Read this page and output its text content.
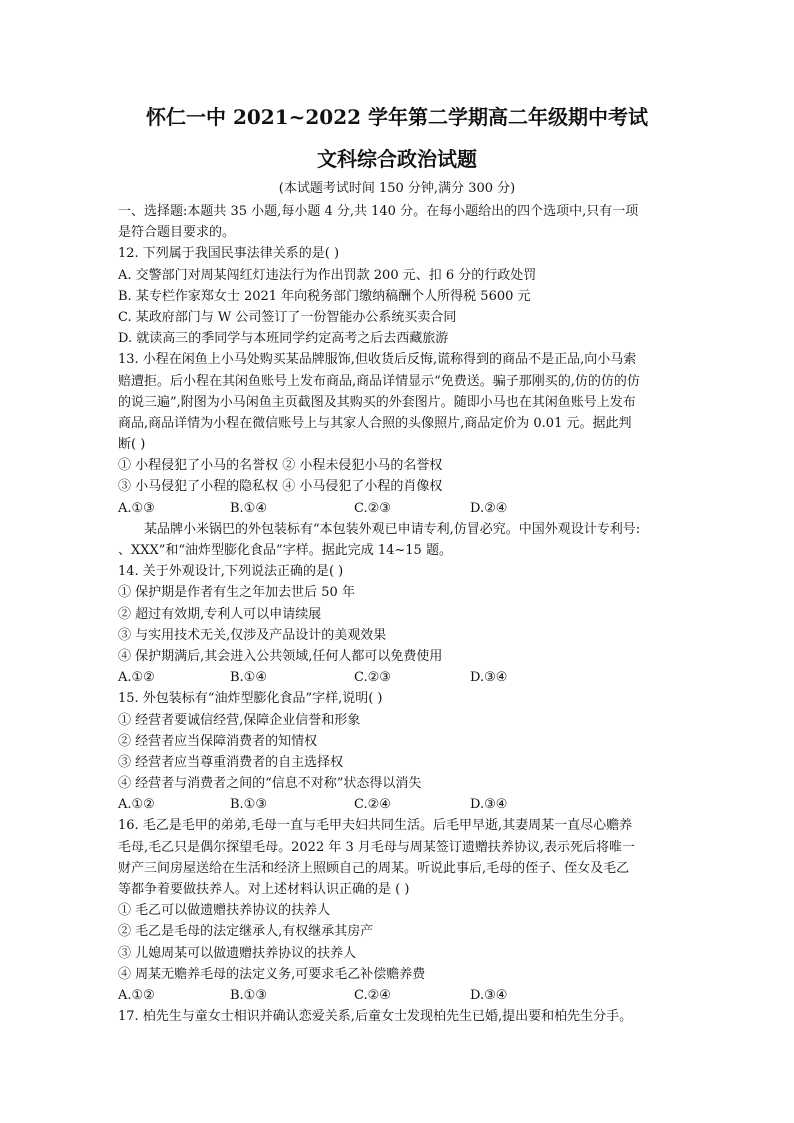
怀仁一中 2021~2022 学年第二学期高二年级期中考试
文科综合政治试题
(本试题考试时间 150 分钟,满分 300 分)
一、选择题:本题共 35 小题,每小题 4 分,共 140 分。在每小题给出的四个选项中,只有一项
是符合题目要求的。
12. 下列属于我国民事法律关系的是( )
A. 交警部门对周某闯红灯违法行为作出罚款 200 元、扣 6 分的行政处罚
B. 某专栏作家郑女士 2021 年向税务部门缴纳稿酬个人所得税 5600 元
C. 某政府部门与 W 公司签订了一份智能办公系统买卖合同
D. 就读高三的季同学与本班同学约定高考之后去西藏旅游
13. 小程在闲鱼上小马处购买某品牌服饰,但收货后反悔,谎称得到的商品不是正品,向小马索
赔遭拒。后小程在其闲鱼账号上发布商品,商品详情显示“免费送。骗子那刚买的,仿的仿的仿
的说三遍”,附图为小马闲鱼主页截图及其购买的外套图片。随即小马也在其闲鱼账号上发布
商品,商品详情为小程在微信账号上与其家人合照的头像照片,商品定价为 0.01 元。据此判
断( )
① 小程侵犯了小马的名誉权 ② 小程未侵犯小马的名誉权
③ 小马侵犯了小程的隐私权 ④ 小马侵犯了小程的肖像权
A.①③	B.①④	C.②③	D.②④
某品牌小米锅巴的外包装标有“本包装外观已申请专利,仿冒必究。中国外观设计专利号:
、XXX”和“油炸型膨化食品”字样。据此完成 14~15 题。
14. 关于外观设计,下列说法正确的是( )
① 保护期是作者有生之年加去世后 50 年
② 超过有效期,专利人可以申请续展
③ 与实用技术无关,仅涉及产品设计的美观效果
④ 保护期满后,其会进入公共领域,任何人都可以免费使用
A.①②	B.①④	C.②③	D.③④
15. 外包装标有“油炸型膨化食品”字样,说明( )
① 经营者要诚信经营,保障企业信誉和形象
② 经营者应当保障消费者的知情权
③ 经营者应当尊重消费者的自主选择权
④ 经营者与消费者之间的“信息不对称”状态得以消失
A.①②	B.①③	C.②④	D.③④
16. 毛乙是毛甲的弟弟,毛母一直与毛甲夫妇共同生活。后毛甲早逝,其妻周某一直尽心赡养
毛母,毛乙只是偶尔探望毛母。2022 年 3 月毛母与周某签订遗赠扶养协议,表示死后将唯一
财产三间房屋送给在生活和经济上照顾自己的周某。听说此事后,毛母的侄子、侄女及毛乙
等都争着要做扶养人。对上述材料认识正确的是 ( )
① 毛乙可以做遗赠扶养协议的扶养人
② 毛乙是毛母的法定继承人,有权继承其房产
③ 儿媳周某可以做遗赠扶养协议的扶养人
④ 周某无赡养毛母的法定义务,可要求毛乙补偿赡养费
A.①②	B.①③	C.②④	D.③④
17. 柏先生与童女士相识并确认恋爱关系,后童女士发现柏先生已婚,提出要和柏先生分手。
